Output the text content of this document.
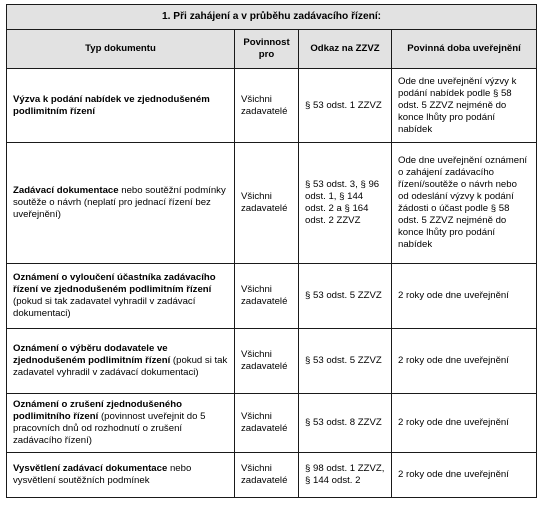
1. Při zahájení a v průběhu zadávacího řízení:			
Typ dokumentu	Povinnost pro	Odkaz na ZZVZ	Povinná doba uveřejnění
Výzva k podání nabídek ve zjednodušeném podlimitním řízení	Všichni zadavatelé	§ 53 odst. 1 ZZVZ	Ode dne uveřejnění výzvy k podání nabídek podle § 58 odst. 5 ZZVZ nejméně do konce lhůty pro podání nabídek
Zadávací dokumentace nebo soutěžní podmínky soutěže o návrh (neplatí pro jednací řízení bez uveřejnění)	Všichni zadavatelé	§ 53 odst. 3, § 96 odst. 1, § 144 odst. 2 a § 164 odst. 2 ZZVZ	Ode dne uveřejnění oznámení o zahájení zadávacího řízení/soutěže o návrh nebo od odeslání výzvy k podání žádosti o účast podle § 58 odst. 5 ZZVZ nejméně do konce lhůty pro podání nabídek
Oznámení o vyloučení účastníka zadávacího řízení ve zjednodušeném podlimitním řízení (pokud si tak zadavatel vyhradil v zadávací dokumentaci)	Všichni zadavatelé	§ 53 odst. 5 ZZVZ	2 roky ode dne uveřejnění
Oznámení o výběru dodavatele ve zjednodušeném podlimitním řízení (pokud si tak zadavatel vyhradil v zadávací dokumentaci)	Všichni zadavatelé	§ 53 odst. 5 ZZVZ	2 roky ode dne uveřejnění
Oznámení o zrušení zjednodušeného podlimitního řízení (povinnost uveřejnit do 5 pracovních dnů od rozhodnutí o zrušení zadávacího řízení)	Všichni zadavatelé	§ 53 odst. 8 ZZVZ	2 roky ode dne uveřejnění
Vysvětlení zadávací dokumentace nebo vysvětlení soutěžních podmínek	Všichni zadavatelé	§ 98 odst. 1 ZZVZ, § 144 odst. 2	2 roky ode dne uveřejnění
